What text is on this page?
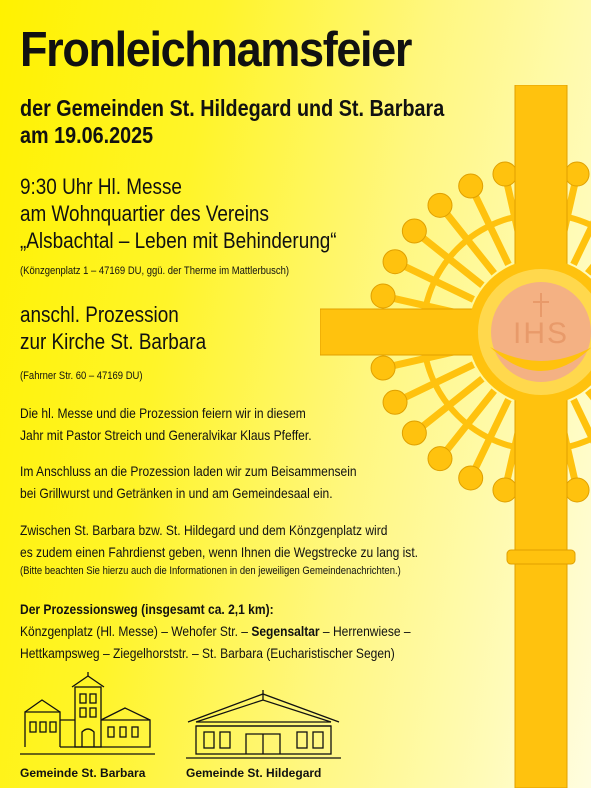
IHS
Fronleichnamsfeier
der Gemeinden St. Hildegard und St. Barbara
am 19.06.2025
9:30 Uhr Hl. Messe
am Wohnquartier des Vereins
„Alsbachtal – Leben mit Behinderung“
(Könzgenplatz 1 – 47169 DU, ggü. der Therme im Mattlerbusch)
anschl. Prozession
zur Kirche St. Barbara
(Fahrner Str. 60 – 47169 DU)
Die hl. Messe und die Prozession feiern wir in diesem
Jahr mit Pastor Streich und Generalvikar Klaus Pfeffer.
Im Anschluss an die Prozession laden wir zum Beisammensein
bei Grillwurst und Getränken in und am Gemeindesaal ein.
Zwischen St. Barbara bzw. St. Hildegard und dem Könzgenplatz wird
es zudem einen Fahrdienst geben, wenn Ihnen die Wegstrecke zu lang ist.
(Bitte beachten Sie hierzu auch die Informationen in den jeweiligen Gemeindenachrichten.)
Der Prozessionsweg (insgesamt ca. 2,1 km):
Könzgenplatz (Hl. Messe) – Wehofer Str. – Segensaltar – Herrenwiese –
Hettkampsweg – Ziegelhorststr. – St. Barbara (Eucharistischer Segen)
Gemeinde St. Barbara	Gemeinde St. Hildegard
